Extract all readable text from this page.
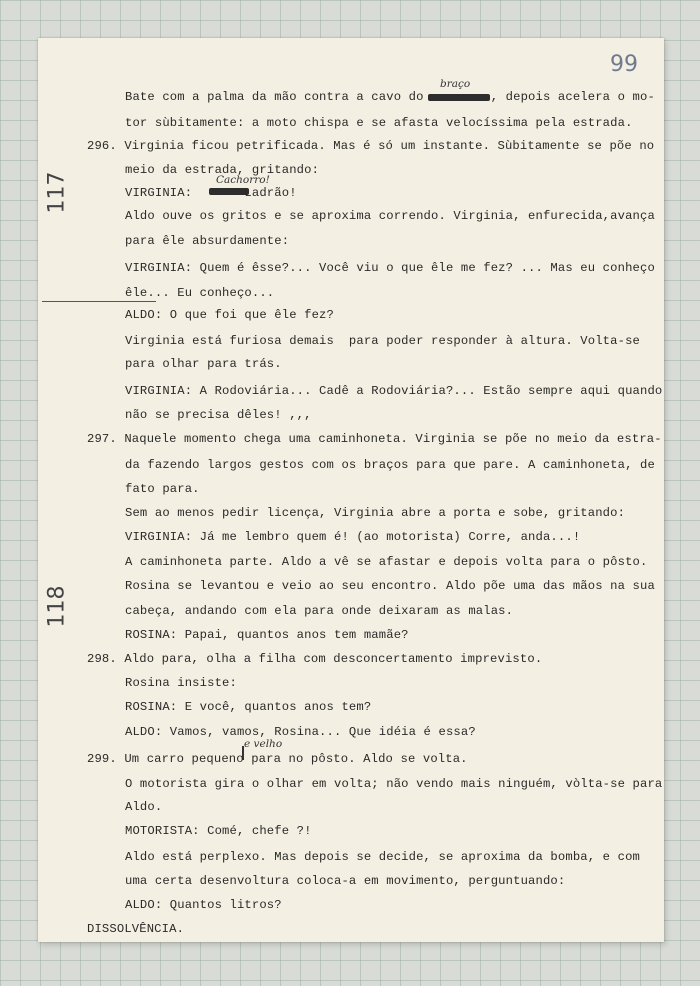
99
117
118
braço
Cachorro!
e velho
Bate com a palma da mão contra a cavo do         , depois acelera o mo-
tor sùbitamente: a moto chispa e se afasta velocíssima pela estrada.
296. Virginia ficou petrificada. Mas é só um instante. Sùbitamente se põe no
meio da estrada, gritando:
VIRGINIA:       Ladrão!
Aldo ouve os gritos e se aproxima correndo. Virginia, enfurecida,avança
para êle absurdamente:
VIRGINIA: Quem é êsse?... Você viu o que êle me fez? ... Mas eu conheço
êle... Eu conheço...
ALDO: O que foi que êle fez?
Virginia está furiosa demais  para poder responder à altura. Volta-se
para olhar para trás.
VIRGINIA: A Rodoviária... Cadê a Rodoviária?... Estão sempre aqui quando
não se precisa dêles! ,,,
297. Naquele momento chega uma caminhoneta. Virginia se põe no meio da estra-
da fazendo largos gestos com os braços para que pare. A caminhoneta, de
fato para.
Sem ao menos pedir licença, Virginia abre a porta e sobe, gritando:
VIRGINIA: Já me lembro quem é! (ao motorista) Corre, anda...!
A caminhoneta parte. Aldo a vê se afastar e depois volta para o pôsto.
Rosina se levantou e veio ao seu encontro. Aldo põe uma das mãos na sua
cabeça, andando com ela para onde deixaram as malas.
ROSINA: Papai, quantos anos tem mamãe?
298. Aldo para, olha a filha com desconcertamento imprevisto.
Rosina insiste:
ROSINA: E você, quantos anos tem?
ALDO: Vamos, vamos, Rosina... Que idéia é essa?
299. Um carro pequeno para no pôsto. Aldo se volta.
O motorista gira o olhar em volta; não vendo mais ninguém, vòlta-se para
Aldo.
MOTORISTA: Comé, chefe ?!
Aldo está perplexo. Mas depois se decide, se aproxima da bomba, e com
uma certa desenvoltura coloca-a em movimento, perguntuando:
ALDO: Quantos litros?
DISSOLVÊNCIA.
